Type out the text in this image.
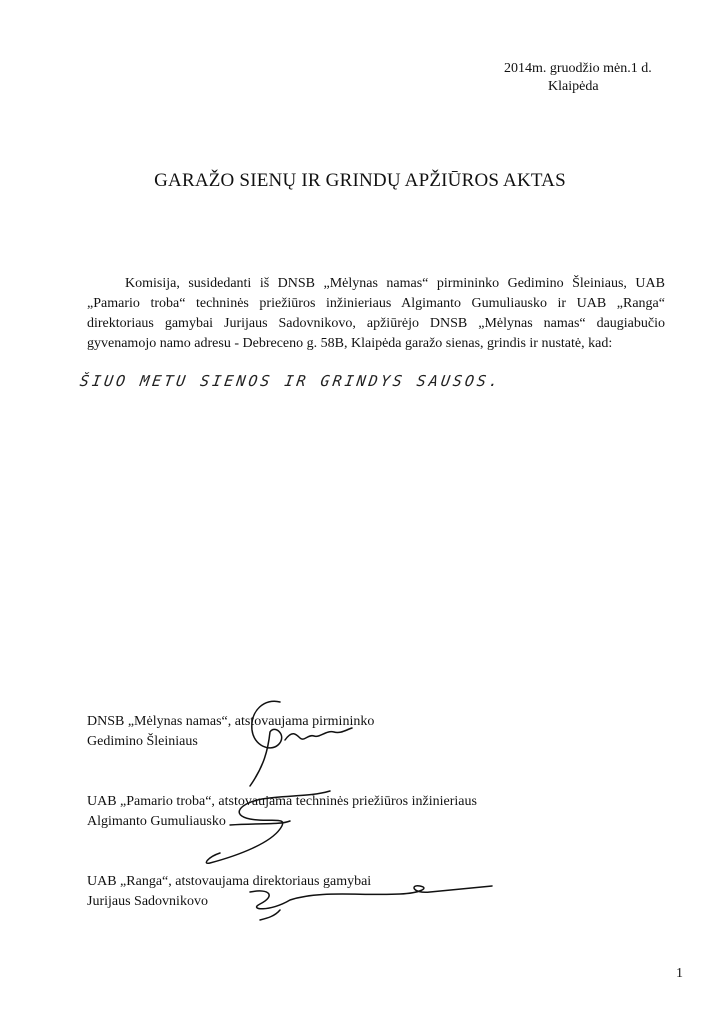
2014m. gruodžio mėn.1 d.
Klaipėda
GARAŽO SIENŲ IR GRINDŲ APŽIŪROS AKTAS
Komisija, susidedanti iš DNSB „Mėlynas namas“ pirmininko Gedimino Šleiniaus, UAB „Pamario troba“ techninės priežiūros inžinieriaus Algimanto Gumuliausko ir UAB „Ranga“ direktoriaus gamybai Jurijaus Sadovnikovo, apžiūrėjo DNSB „Mėlynas namas“ daugiabučio gyvenamojo namo adresu - Debreceno g. 58B, Klaipėda garažo sienas, grindis ir nustatė, kad:
ŠIUO METU SIENOS IR GRINDYS SAUSOS.
DNSB „Mėlynas namas“, atstovaujama pirmininko
Gedimino Šleiniaus
UAB „Pamario troba“, atstovaujama techninės priežiūros inžinieriaus
Algimanto Gumuliausko
UAB „Ranga“, atstovaujama direktoriaus gamybai
Jurijaus Sadovnikovo
1
